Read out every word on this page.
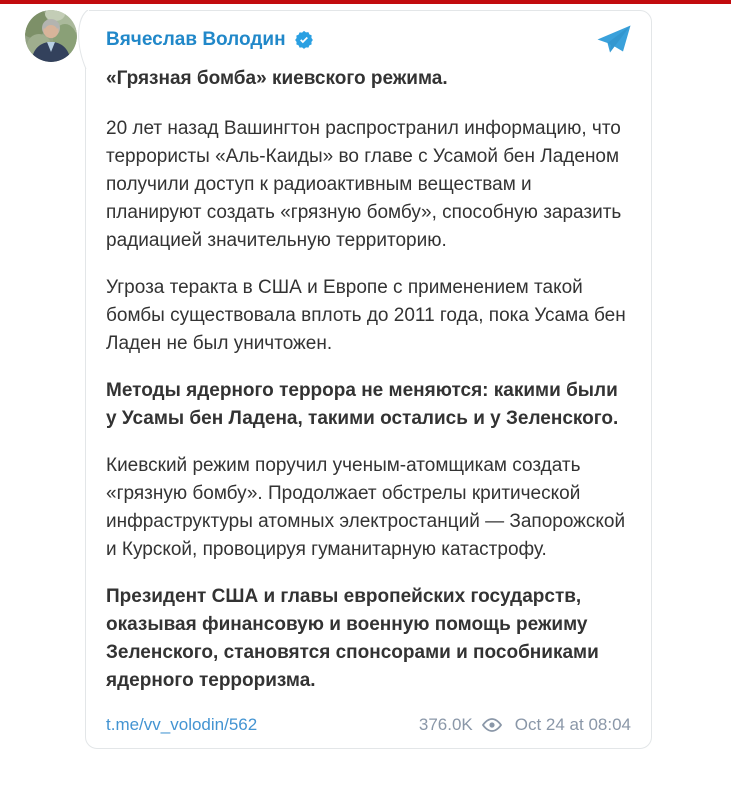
Вячеслав Володин
«Грязная бомба» киевского режима.

20 лет назад Вашингтон распространил информацию, что террористы «Аль-Каиды» во главе с Усамой бен Ладеном получили доступ к радиоактивным веществам и планируют создать «грязную бомбу», способную заразить радиацией значительную территорию.

Угроза теракта в США и Европе с применением такой бомбы существовала вплоть до 2011 года, пока Усама бен Ладен не был уничтожен.

Методы ядерного террора не меняются: какими были у Усамы бен Ладена, такими остались и у Зеленского.

Киевский режим поручил ученым-атомщикам создать «грязную бомбу». Продолжает обстрелы критической инфраструктуры атомных электростанций — Запорожской и Курской, провоцируя гуманитарную катастрофу.

Президент США и главы европейских государств, оказывая финансовую и военную помощь режиму Зеленского, становятся спонсорами и пособниками ядерного терроризма.

t.me/vv_volodin/562	376.0K Oct 24 at 08:04
